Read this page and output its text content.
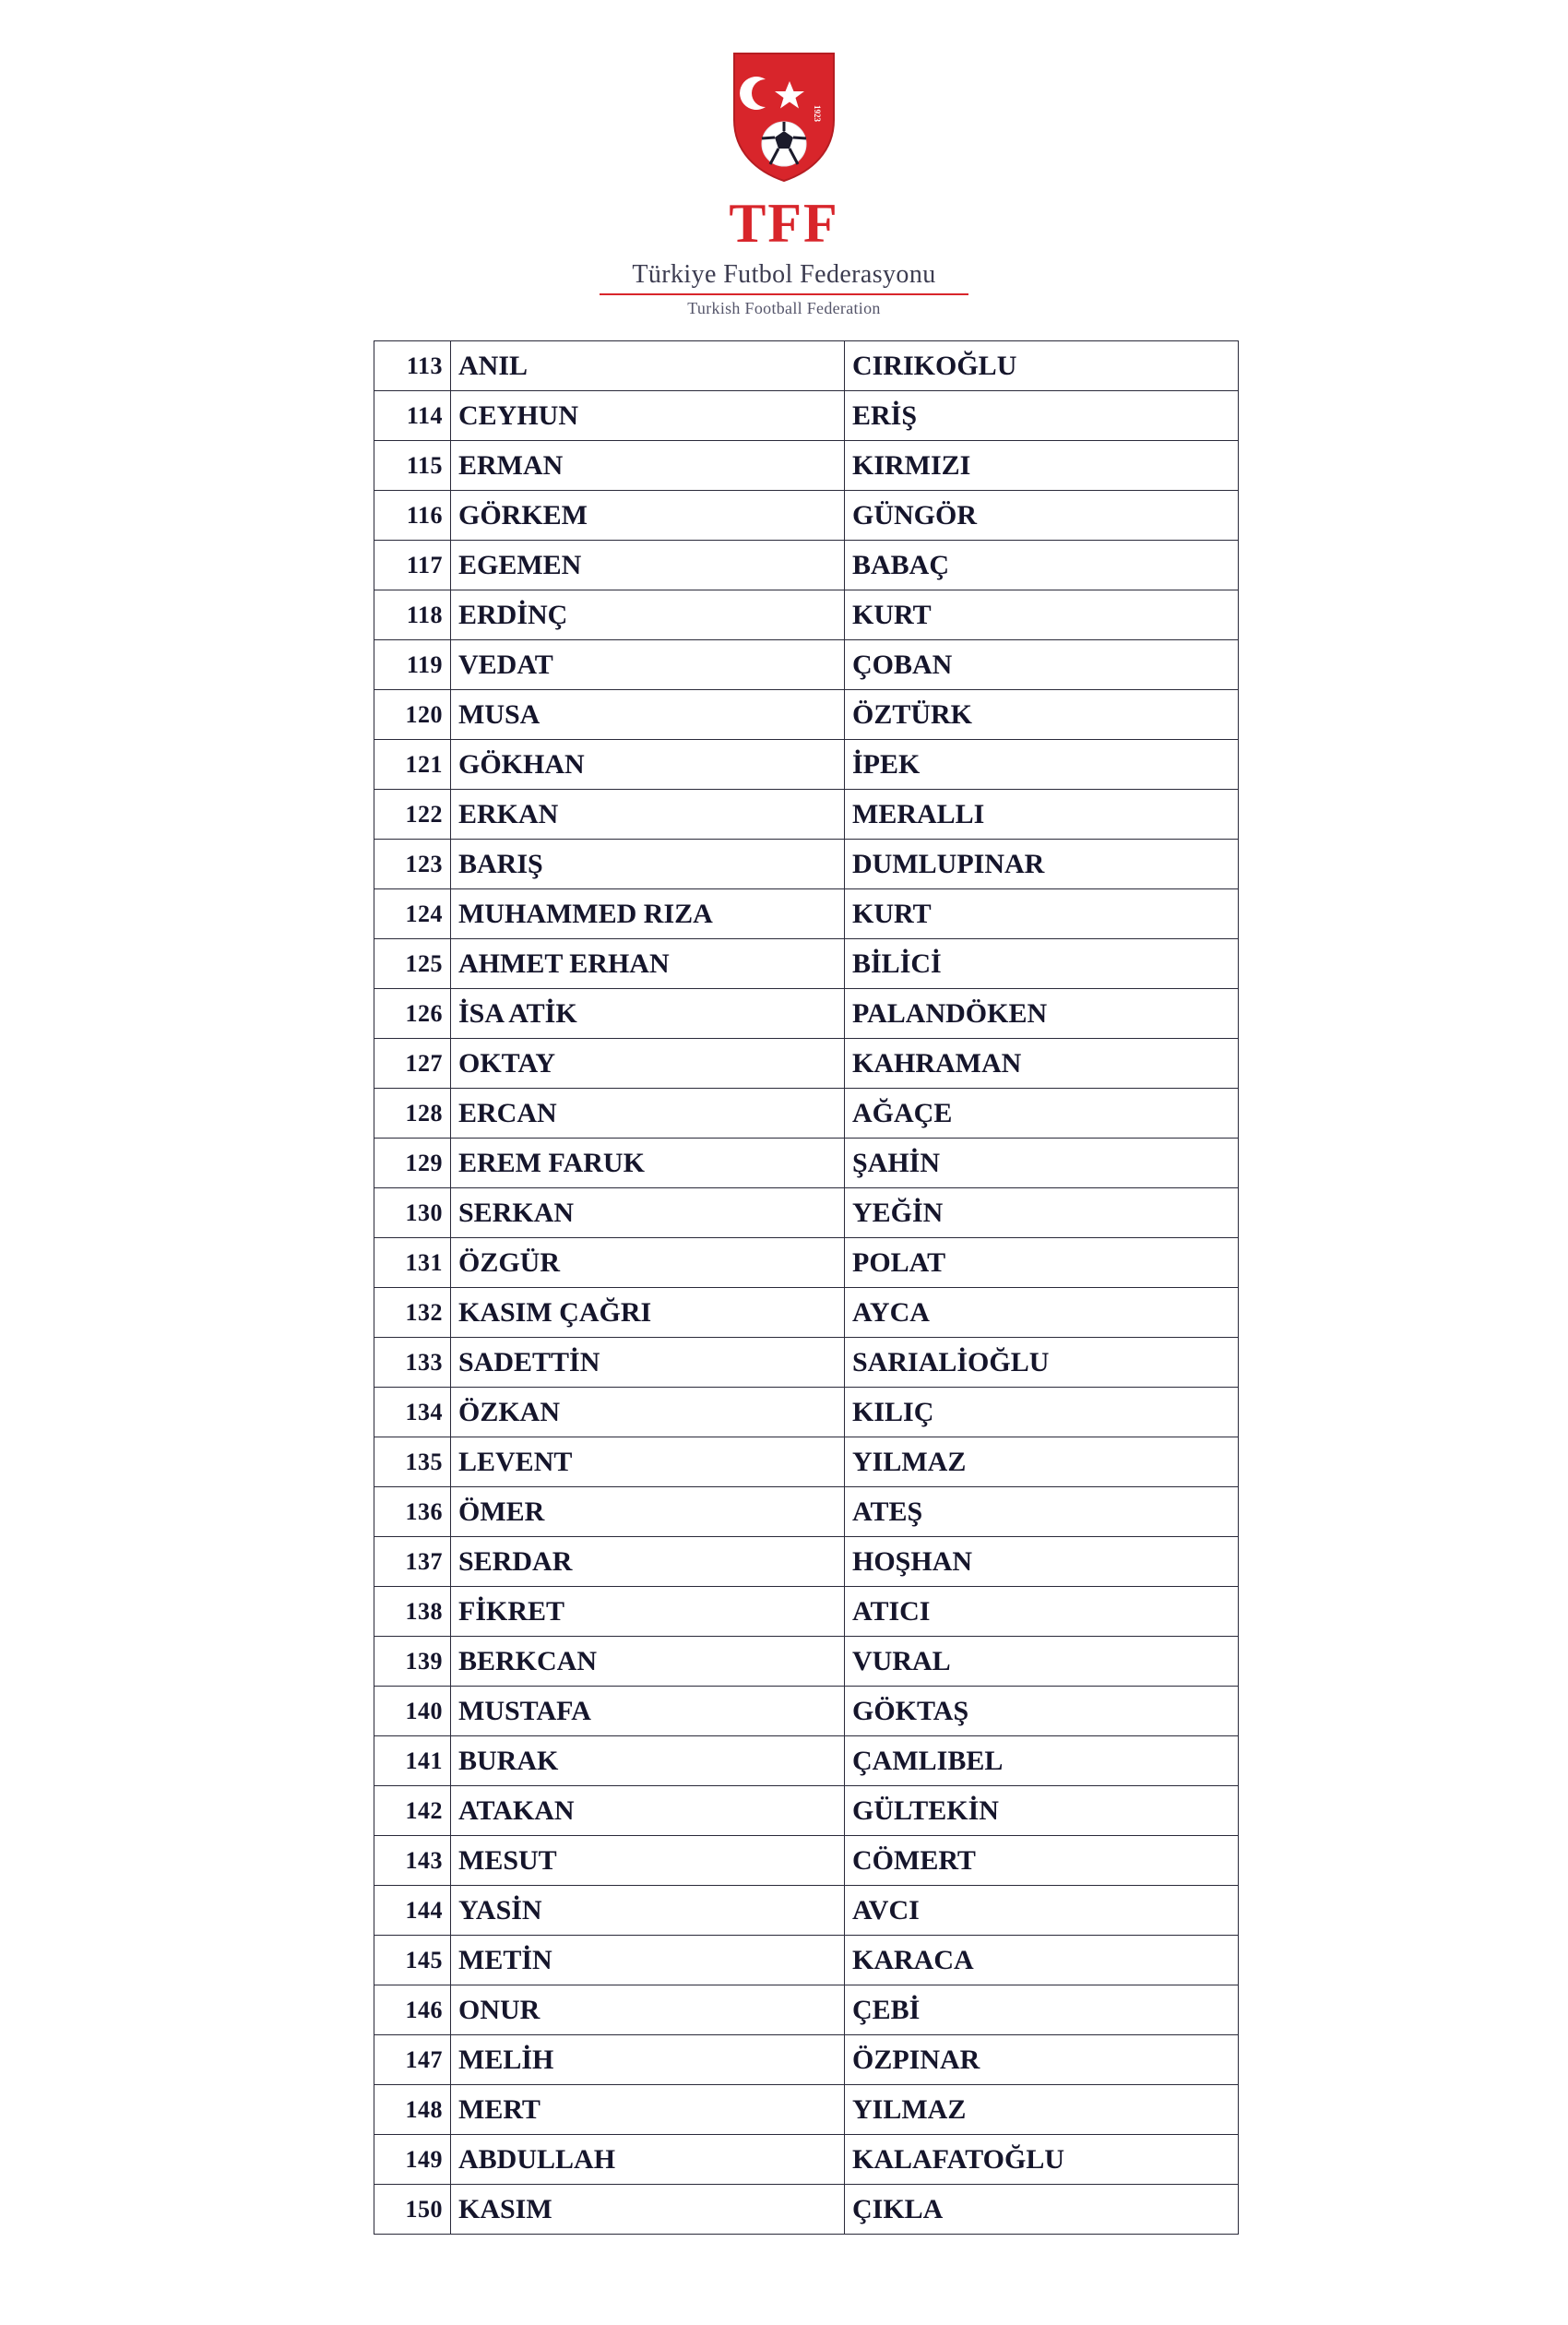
1923
TFF
Türkiye Futbol Federasyonu
Turkish Football Federation
113	ANIL	CIRIKOĞLU
114	CEYHUN	ERİŞ
115	ERMAN	KIRMIZI
116	GÖRKEM	GÜNGÖR
117	EGEMEN	BABAÇ
118	ERDİNÇ	KURT
119	VEDAT	ÇOBAN
120	MUSA	ÖZTÜRK
121	GÖKHAN	İPEK
122	ERKAN	MERALLI
123	BARIŞ	DUMLUPINAR
124	MUHAMMED RIZA	KURT
125	AHMET ERHAN	BİLİCİ
126	İSA ATİK	PALANDÖKEN
127	OKTAY	KAHRAMAN
128	ERCAN	AĞAÇE
129	EREM FARUK	ŞAHİN
130	SERKAN	YEĞİN
131	ÖZGÜR	POLAT
132	KASIM ÇAĞRI	AYCA
133	SADETTİN	SARIALİOĞLU
134	ÖZKAN	KILIÇ
135	LEVENT	YILMAZ
136	ÖMER	ATEŞ
137	SERDAR	HOŞHAN
138	FİKRET	ATICI
139	BERKCAN	VURAL
140	MUSTAFA	GÖKTAŞ
141	BURAK	ÇAMLIBEL
142	ATAKAN	GÜLTEKİN
143	MESUT	CÖMERT
144	YASİN	AVCI
145	METİN	KARACA
146	ONUR	ÇEBİ
147	MELİH	ÖZPINAR
148	MERT	YILMAZ
149	ABDULLAH	KALAFATOĞLU
150	KASIM	ÇIKLA
